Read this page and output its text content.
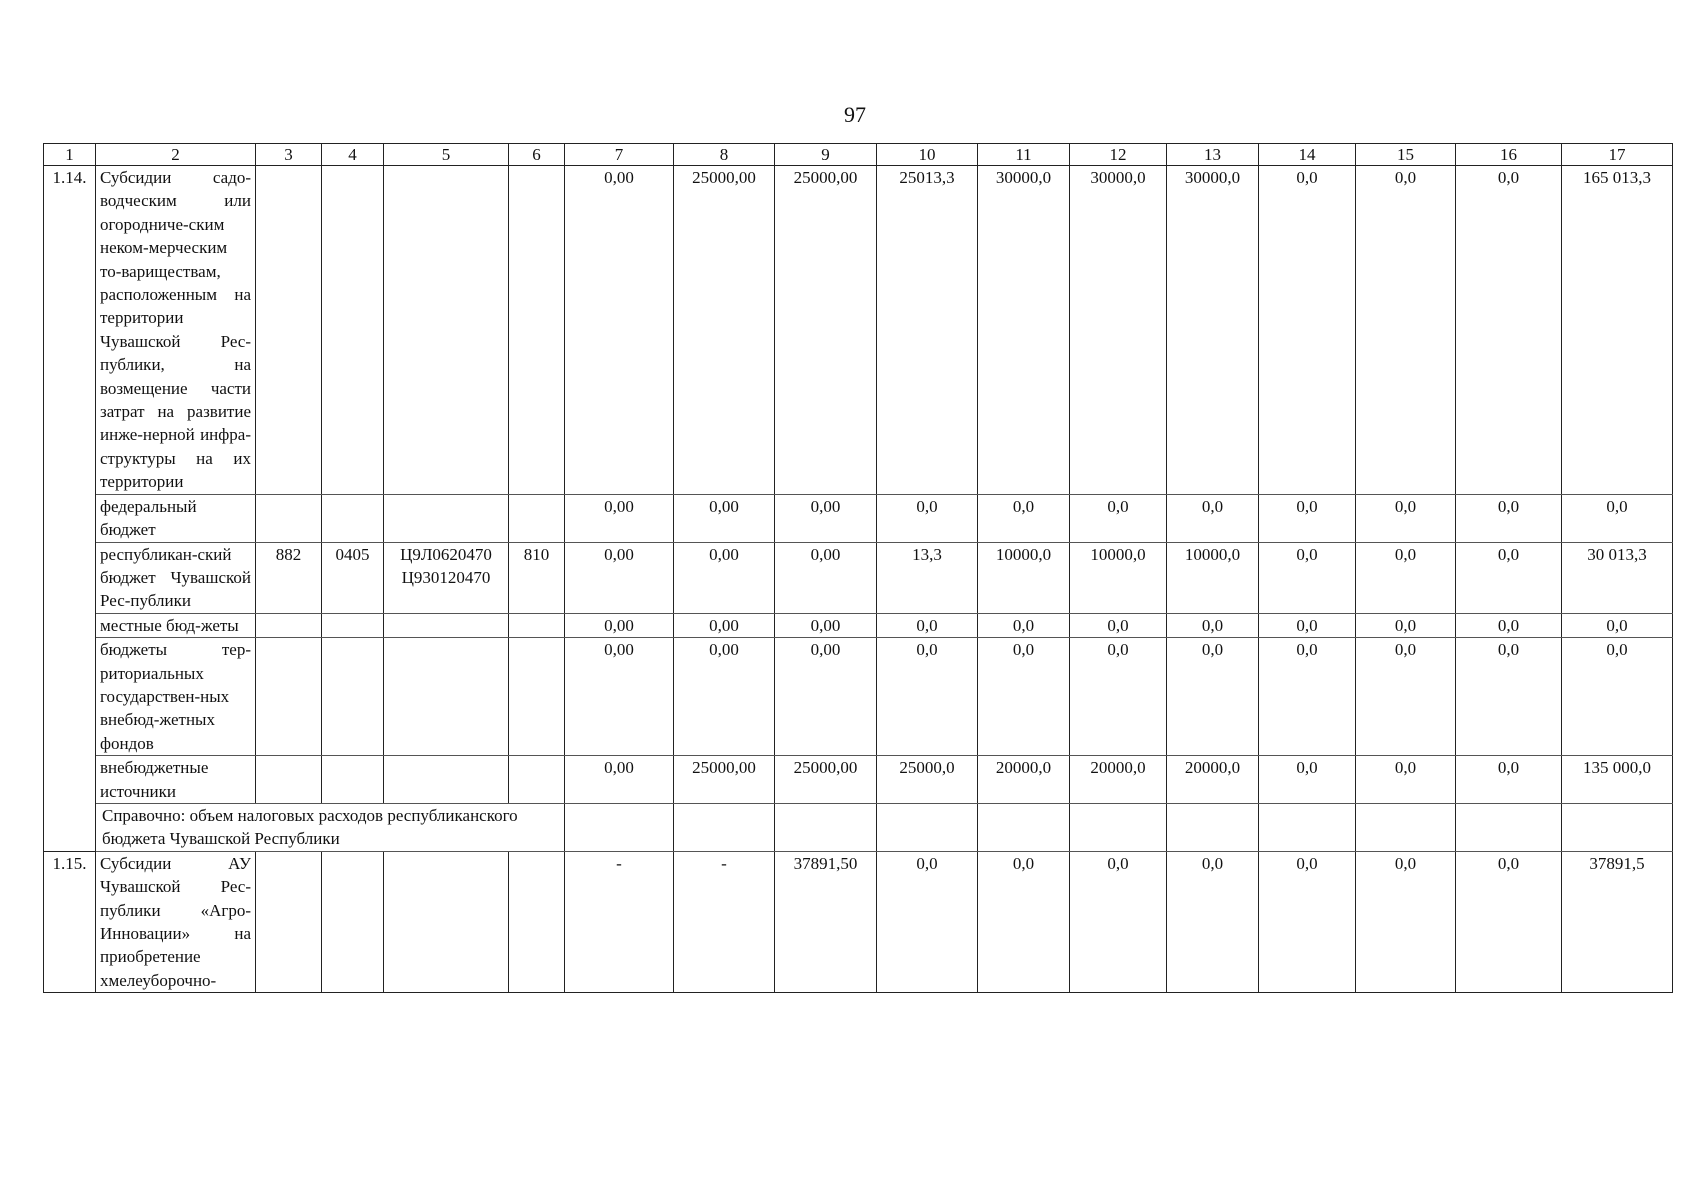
97
1	2	3	4	5	6	7	8	9	10	11	12	13	14	15	16	17
1.14.	Субсидии садо-водческим или огородниче-ским неком-мерческим то-вариществам, расположенным на территории Чувашской Рес-публики, на возмещение части затрат на развитие инже-нерной инфра-структуры на их территории					0,00	25000,00	25000,00	25013,3	30000,0	30000,0	30000,0	0,0	0,0	0,0	165 013,3
	федеральный бюджет					0,00	0,00	0,00	0,0	0,0	0,0	0,0	0,0	0,0	0,0	0,0
	республикан-ский бюджет Чувашской Рес-публики	882	0405	Ц9Л0620470
Ц930120470	810	0,00	0,00	0,00	13,3	10000,0	10000,0	10000,0	0,0	0,0	0,0	30 013,3
	местные бюд-жеты					0,00	0,00	0,00	0,0	0,0	0,0	0,0	0,0	0,0	0,0	0,0
	бюджеты тер-риториальных государствен-ных внебюд-жетных фондов					0,00	0,00	0,00	0,0	0,0	0,0	0,0	0,0	0,0	0,0	0,0
	внебюджетные источники					0,00	25000,00	25000,00	25000,0	20000,0	20000,0	20000,0	0,0	0,0	0,0	135 000,0
	Справочно: объем налоговых расходов республиканского бюджета Чувашской Республики															
1.15.	Субсидии АУ Чувашской Рес-публики «Агро-Инновации» на приобретение хмелеуборочно-					-	-	37891,50	0,0	0,0	0,0	0,0	0,0	0,0	0,0	37891,5
